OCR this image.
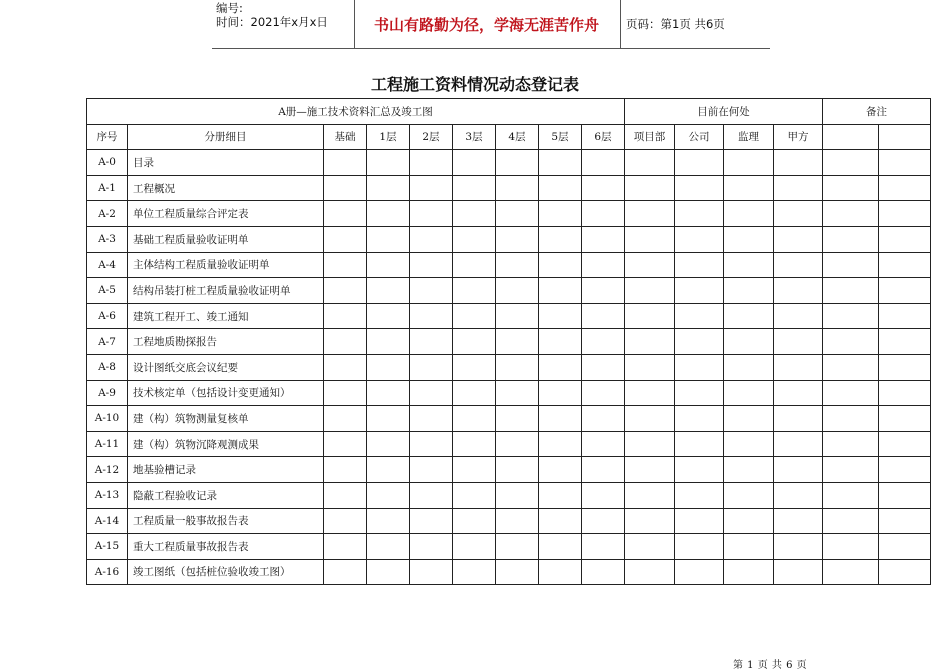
编号:
时间：2021年x月x日	书山有路勤为径，学海无涯苦作舟	页码：第1页 共6页
工程施工资料情况动态登记表
A册—施工技术资料汇总及竣工图									目前在何处				备注	
序号	分册细目	基础	1层	2层	3层	4层	5层	6层	项目部	公司	监理	甲方		
A-0	目录													
A-1	工程概况													
A-2	单位工程质量综合评定表													
A-3	基础工程质量验收证明单													
A-4	主体结构工程质量验收证明单													
A-5	结构吊装打桩工程质量验收证明单													
A-6	建筑工程开工、竣工通知													
A-7	工程地质勘探报告													
A-8	设计图纸交底会议纪要													
A-9	技术核定单（包括设计变更通知）													
A-10	建（构）筑物测量复核单													
A-11	建（构）筑物沉降观测成果													
A-12	地基验槽记录													
A-13	隐蔽工程验收记录													
A-14	工程质量一般事故报告表													
A-15	重大工程质量事故报告表													
A-16	竣工图纸（包括桩位验收竣工图）													
第 1 页 共 6 页
